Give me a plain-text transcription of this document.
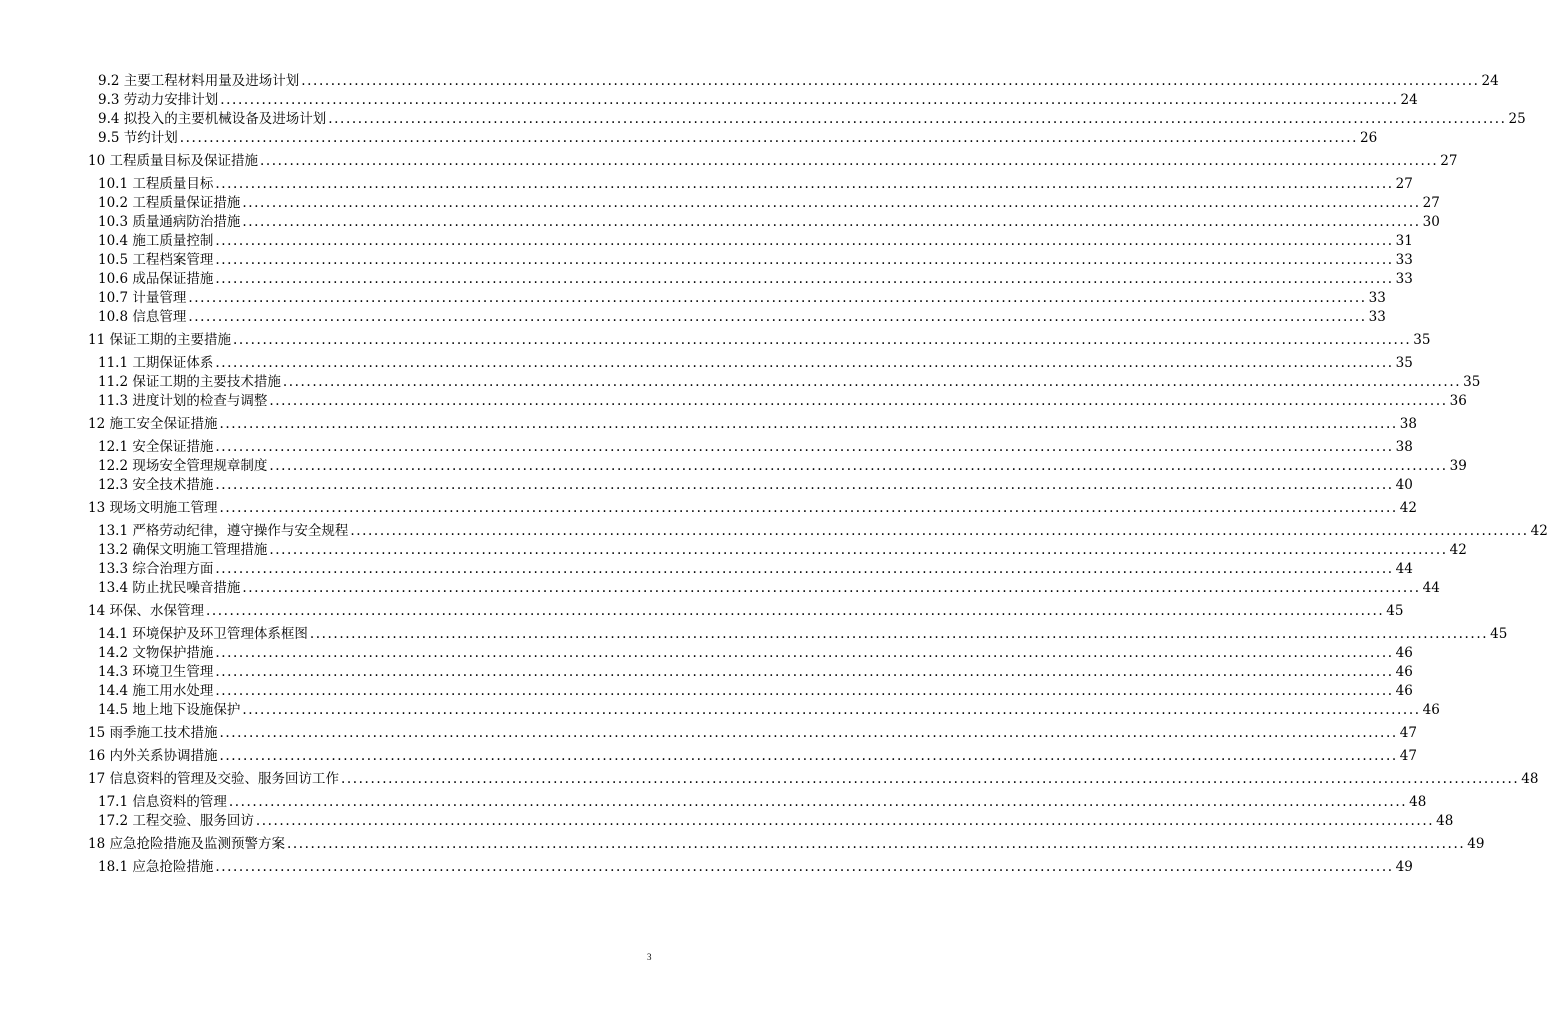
9.2 主要工程材料用量及进场计划 ........................................................................................................................................................................................................ 24
9.3 劳动力安排计划 ........................................................................................................................................................................................................ 24
9.4 拟投入的主要机械设备及进场计划 ........................................................................................................................................................................................................ 25
9.5 节约计划 ........................................................................................................................................................................................................ 26
10 工程质量目标及保证措施 ........................................................................................................................................................................................................ 27
10.1 工程质量目标 ........................................................................................................................................................................................................ 27
10.2 工程质量保证措施 ........................................................................................................................................................................................................ 27
10.3 质量通病防治措施 ........................................................................................................................................................................................................ 30
10.4 施工质量控制 ........................................................................................................................................................................................................ 31
10.5 工程档案管理 ........................................................................................................................................................................................................ 33
10.6 成品保证措施 ........................................................................................................................................................................................................ 33
10.7 计量管理 ........................................................................................................................................................................................................ 33
10.8 信息管理 ........................................................................................................................................................................................................ 33
11 保证工期的主要措施 ........................................................................................................................................................................................................ 35
11.1 工期保证体系 ........................................................................................................................................................................................................ 35
11.2 保证工期的主要技术措施 ........................................................................................................................................................................................................ 35
11.3 进度计划的检查与调整 ........................................................................................................................................................................................................ 36
12 施工安全保证措施 ........................................................................................................................................................................................................ 38
12.1 安全保证措施 ........................................................................................................................................................................................................ 38
12.2 现场安全管理规章制度 ........................................................................................................................................................................................................ 39
12.3 安全技术措施 ........................................................................................................................................................................................................ 40
13 现场文明施工管理 ........................................................................................................................................................................................................ 42
13.1 严格劳动纪律，遵守操作与安全规程 ........................................................................................................................................................................................................ 42
13.2 确保文明施工管理措施 ........................................................................................................................................................................................................ 42
13.3 综合治理方面 ........................................................................................................................................................................................................ 44
13.4 防止扰民噪音措施 ........................................................................................................................................................................................................ 44
14 环保、水保管理 ........................................................................................................................................................................................................ 45
14.1 环境保护及环卫管理体系框图 ........................................................................................................................................................................................................ 45
14.2 文物保护措施 ........................................................................................................................................................................................................ 46
14.3 环境卫生管理 ........................................................................................................................................................................................................ 46
14.4 施工用水处理 ........................................................................................................................................................................................................ 46
14.5 地上地下设施保护 ........................................................................................................................................................................................................ 46
15 雨季施工技术措施 ........................................................................................................................................................................................................ 47
16 内外关系协调措施 ........................................................................................................................................................................................................ 47
17 信息资料的管理及交验、服务回访工作 ........................................................................................................................................................................................................ 48
17.1 信息资料的管理 ........................................................................................................................................................................................................ 48
17.2 工程交验、服务回访 ........................................................................................................................................................................................................ 48
18 应急抢险措施及监测预警方案 ........................................................................................................................................................................................................ 49
18.1 应急抢险措施 ........................................................................................................................................................................................................ 49
3
